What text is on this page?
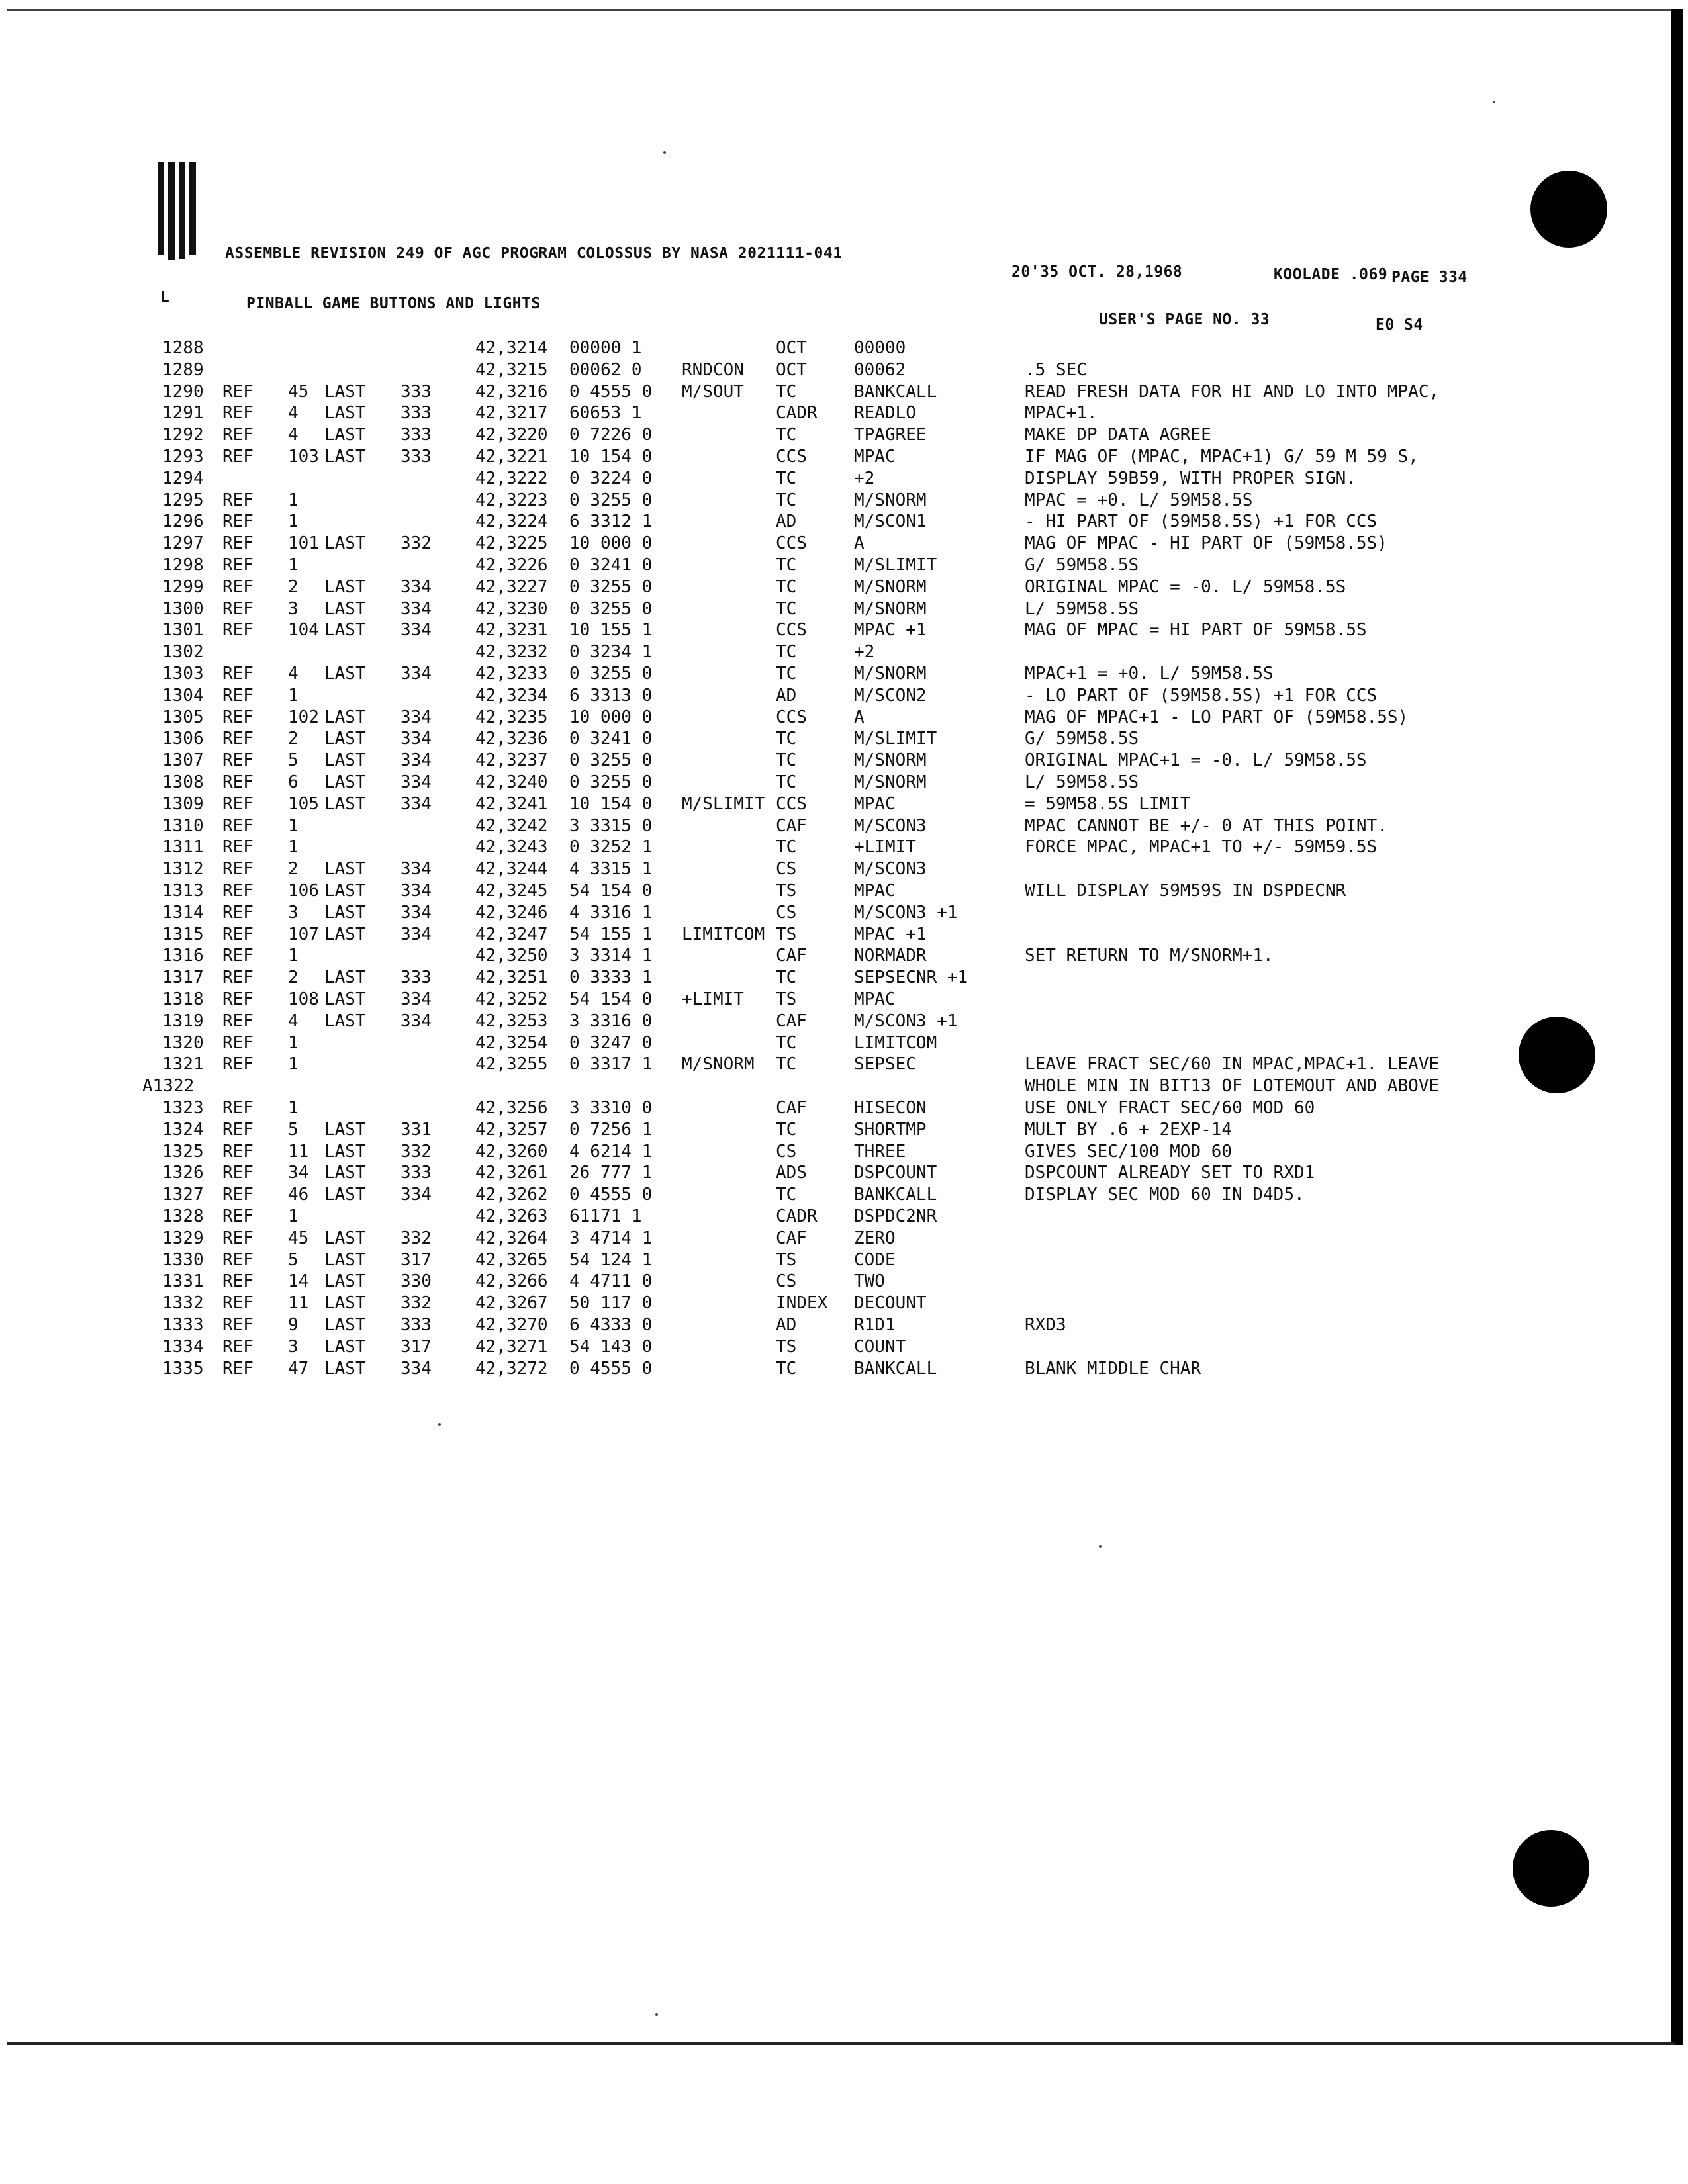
ASSEMBLE REVISION 249 OF AGC PROGRAM COLOSSUS BY NASA 2021111-041
20'35 OCT. 28,1968	KOOLADE .069 PAGE 334
L	PINBALL GAME BUTTONS AND LIGHTS
USER'S PAGE NO. 33	E0 S4
1288	42,3214 00000 1	OCT	00000
1289	42,3215 00062 0 RNDCON OCT	00062	.5 SEC
1290 REF 45 LAST 333	42,3216 0 4555 0 M/SOUT TC	BANKCALL	READ FRESH DATA FOR HI AND LO INTO MPAC,
1291 REF 4 LAST 333	42,3217 60653 1	CADR READLO	MPAC+1.
1292 REF 4 LAST 333	42,3220 0 7226 0	TC	TPAGREE	MAKE DP DATA AGREE
1293 REF 103 LAST 333	42,3221 10 154 0	CCS	MPAC	IF MAG OF (MPAC, MPAC+1) G/ 59 M 59 S,
1294	42,3222 0 3224 0	TC	+2	DISPLAY 59B59, WITH PROPER SIGN.
1295 REF 1	42,3223 0 3255 0	TC	M/SNORM	MPAC = +0. L/ 59M58.5S
1296 REF 1	42,3224 6 3312 1	AD	M/SCON1	- HI PART OF (59M58.5S) +1 FOR CCS
1297 REF 101 LAST 332	42,3225 10 000 0	CCS	A	MAG OF MPAC - HI PART OF (59M58.5S)
1298 REF 1	42,3226 0 3241 0	TC	M/SLIMIT	G/ 59M58.5S
1299 REF 2 LAST 334	42,3227 0 3255 0	TC	M/SNORM	ORIGINAL MPAC = -0. L/ 59M58.5S
1300 REF 3 LAST 334	42,3230 0 3255 0	TC	M/SNORM	L/ 59M58.5S
1301 REF 104 LAST 334	42,3231 10 155 1	CCS	MPAC +1	MAG OF MPAC = HI PART OF 59M58.5S
1302	42,3232 0 3234 1	TC	+2
1303 REF 4 LAST 334	42,3233 0 3255 0	TC	M/SNORM	MPAC+1 = +0. L/ 59M58.5S
1304 REF 1	42,3234 6 3313 0	AD	M/SCON2	- LO PART OF (59M58.5S) +1 FOR CCS
1305 REF 102 LAST 334	42,3235 10 000 0	CCS	A	MAG OF MPAC+1 - LO PART OF (59M58.5S)
1306 REF 2 LAST 334	42,3236 0 3241 0	TC	M/SLIMIT	G/ 59M58.5S
1307 REF 5 LAST 334	42,3237 0 3255 0	TC	M/SNORM	ORIGINAL MPAC+1 = -0. L/ 59M58.5S
1308 REF 6 LAST 334	42,3240 0 3255 0	TC	M/SNORM	L/ 59M58.5S
1309 REF 105 LAST 334	42,3241 10 154 0 M/SLIMIT CCS	MPAC	= 59M58.5S LIMIT
1310 REF 1	42,3242 3 3315 0	CAF	M/SCON3	MPAC CANNOT BE +/- 0 AT THIS POINT.
1311 REF 1	42,3243 0 3252 1	TC	+LIMIT	FORCE MPAC, MPAC+1 TO +/- 59M59.5S
1312 REF 2 LAST 334	42,3244 4 3315 1	CS	M/SCON3
1313 REF 106 LAST 334	42,3245 54 154 0	TS	MPAC	WILL DISPLAY 59M59S IN DSPDECNR
1314 REF 3 LAST 334	42,3246 4 3316 1	CS	M/SCON3 +1
1315 REF 107 LAST 334	42,3247 54 155 1 LIMITCOM TS	MPAC +1
1316 REF 1	42,3250 3 3314 1	CAF	NORMADR	SET RETURN TO M/SNORM+1.
1317 REF 2 LAST 333	42,3251 0 3333 1	TC	SEPSECNR +1
1318 REF 108 LAST 334	42,3252 54 154 0 +LIMIT TS	MPAC
1319 REF 4 LAST 334	42,3253 3 3316 0	CAF	M/SCON3 +1
1320 REF 1	42,3254 0 3247 0	TC	LIMITCOM
1321 REF 1	42,3255 0 3317 1 M/SNORM TC	SEPSEC	LEAVE FRACT SEC/60 IN MPAC,MPAC+1. LEAVE
A1322	WHOLE MIN IN BIT13 OF LOTEMOUT AND ABOVE
1323 REF 1	42,3256 3 3310 0	CAF	HISECON	USE ONLY FRACT SEC/60 MOD 60
1324 REF 5 LAST 331	42,3257 0 7256 1	TC	SHORTMP	MULT BY .6 + 2EXP-14
1325 REF 11 LAST 332	42,3260 4 6214 1	CS	THREE	GIVES SEC/100 MOD 60
1326 REF 34 LAST 333	42,3261 26 777 1	ADS	DSPCOUNT	DSPCOUNT ALREADY SET TO RXD1
1327 REF 46 LAST 334	42,3262 0 4555 0	TC	BANKCALL	DISPLAY SEC MOD 60 IN D4D5.
1328 REF 1	42,3263 61171 1	CADR DSPDC2NR
1329 REF 45 LAST 332	42,3264 3 4714 1	CAF	ZERO
1330 REF 5 LAST 317	42,3265 54 124 1	TS	CODE
1331 REF 14 LAST 330	42,3266 4 4711 0	CS	TWO
1332 REF 11 LAST 332	42,3267 50 117 0	INDEX DECOUNT
1333 REF 9 LAST 333	42,3270 6 4333 0	AD	R1D1	RXD3
1334 REF 3 LAST 317	42,3271 54 143 0	TS	COUNT
1335 REF 47 LAST 334	42,3272 0 4555 0	TC	BANKCALL	BLANK MIDDLE CHAR
